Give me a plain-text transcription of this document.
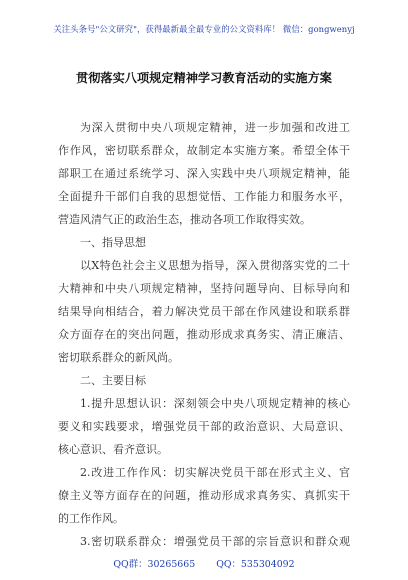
关注头条号"公文研究"，获得最新最全最专业的公文资料库！ 微信：gongwenyj
贯彻落实八项规定精神学习教育活动的实施方案

为深入贯彻中央八项规定精神，进一步加强和改进工

作作风，密切联系群众，故制定本实施方案。希望全体干
部职工在通过系统学习、深入实践中央八项规定精神，能
全面提升干部们自我的思想觉悟、工作能力和服务水平，
营造风清气正的政治生态，推动各项工作取得实效。

一、指导思想

以X特色社会主义思想为指导，深入贯彻落实党的二十

大精神和中央八项规定精神，坚持问题导向、目标导向和
结果导向相结合，着力解决党员干部在作风建设和联系群
众方面存在的突出问题，推动形成求真务实、清正廉洁、
密切联系群众的新风尚。

二、主要目标

1.提升思想认识：深刻领会中央八项规定精神的核心

要义和实践要求，增强党员干部的政治意识、大局意识、
核心意识、看齐意识。

2.改进工作作风：切实解决党员干部在形式主义、官

僚主义等方面存在的问题，推动形成求真务实、真抓实干
的工作作风。

3.密切联系群众：增强党员干部的宗旨意识和群众观

QQ群：30265665 QQ：535304092
